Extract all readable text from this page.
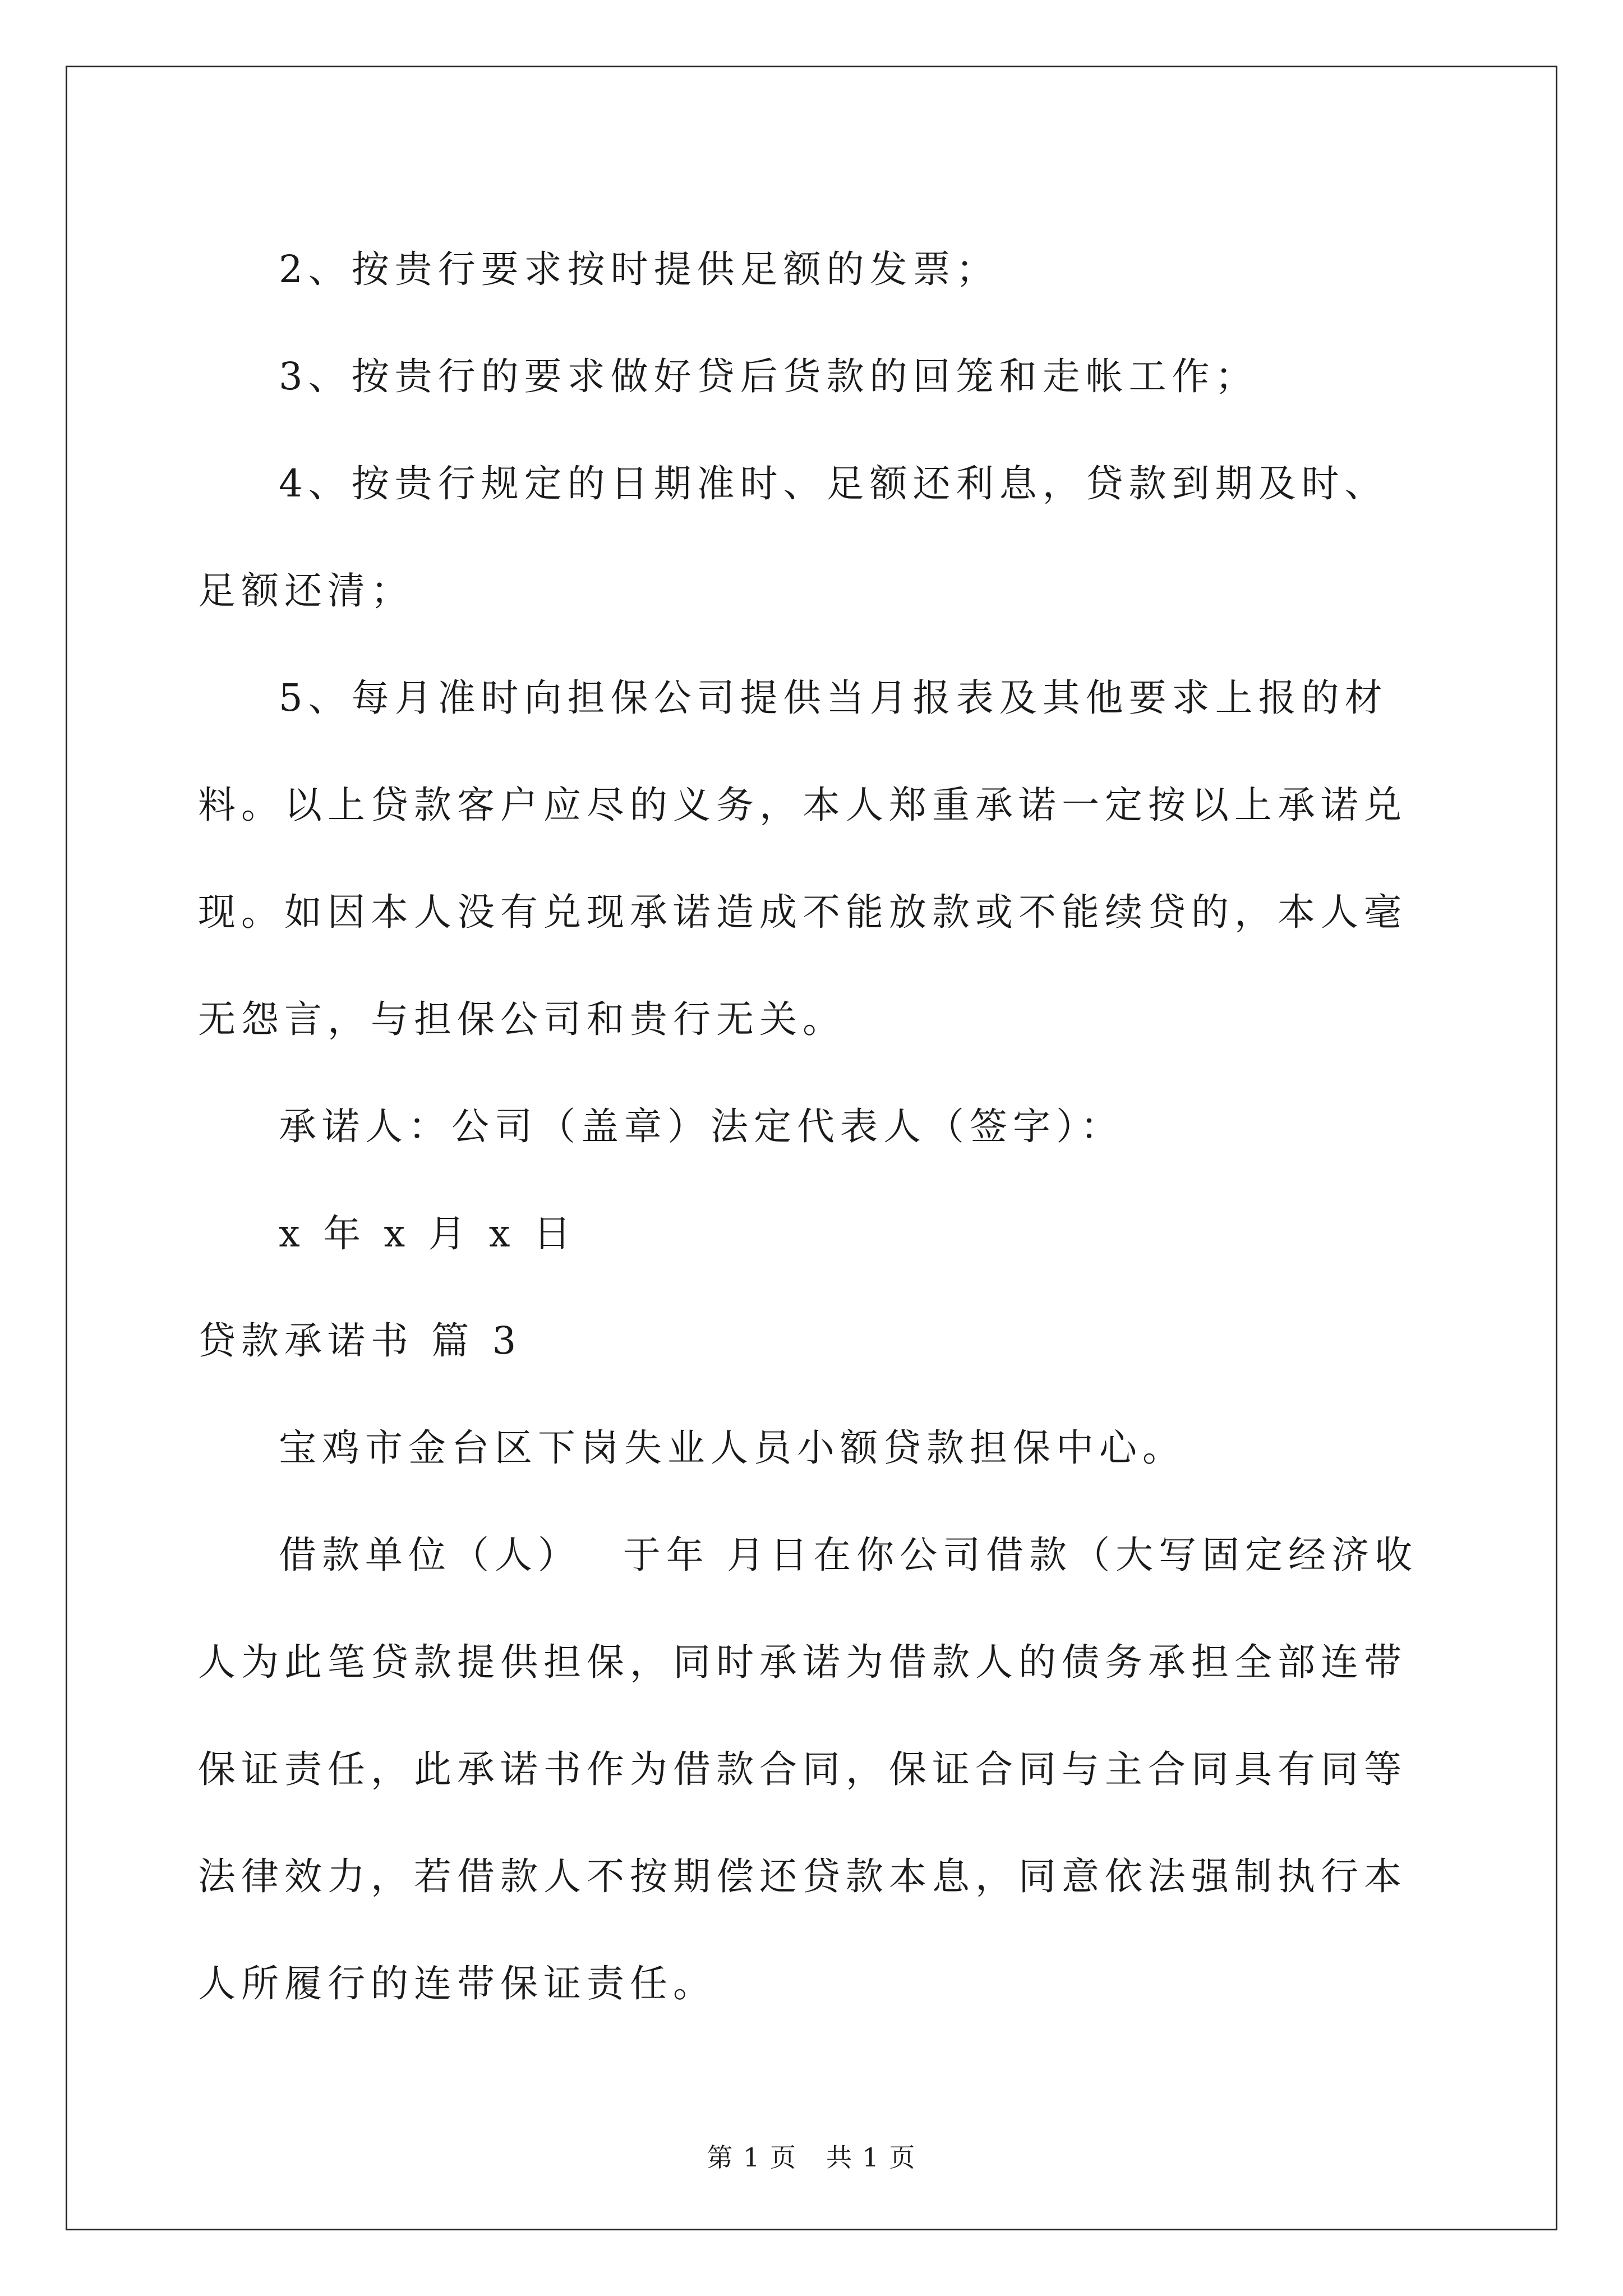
2、按贵行要求按时提供足额的发票；

3、按贵行的要求做好贷后货款的回笼和走帐工作；

4、按贵行规定的日期准时、足额还利息，贷款到期及时、足额还清；

5、每月准时向担保公司提供当月报表及其他要求上报的材料。以上贷款客户应尽的义务，本人郑重承诺一定按以上承诺兑现。如因本人没有兑现承诺造成不能放款或不能续贷的，本人毫无怨言，与担保公司和贵行无关。

承诺人：公司（盖章）法定代表人（签字）：

x 年 x 月 x 日

贷款承诺书 篇 3

宝鸡市金台区下岗失业人员小额贷款担保中心。

借款单位（人）　 于年 月日在你公司借款（大写固定经济收人为此笔贷款提供担保，同时承诺为借款人的债务承担全部连带保证责任，此承诺书作为借款合同，保证合同与主合同具有同等法律效力，若借款人不按期偿还贷款本息，同意依法强制执行本人所履行的连带保证责任。

第 1 页 共 1 页
